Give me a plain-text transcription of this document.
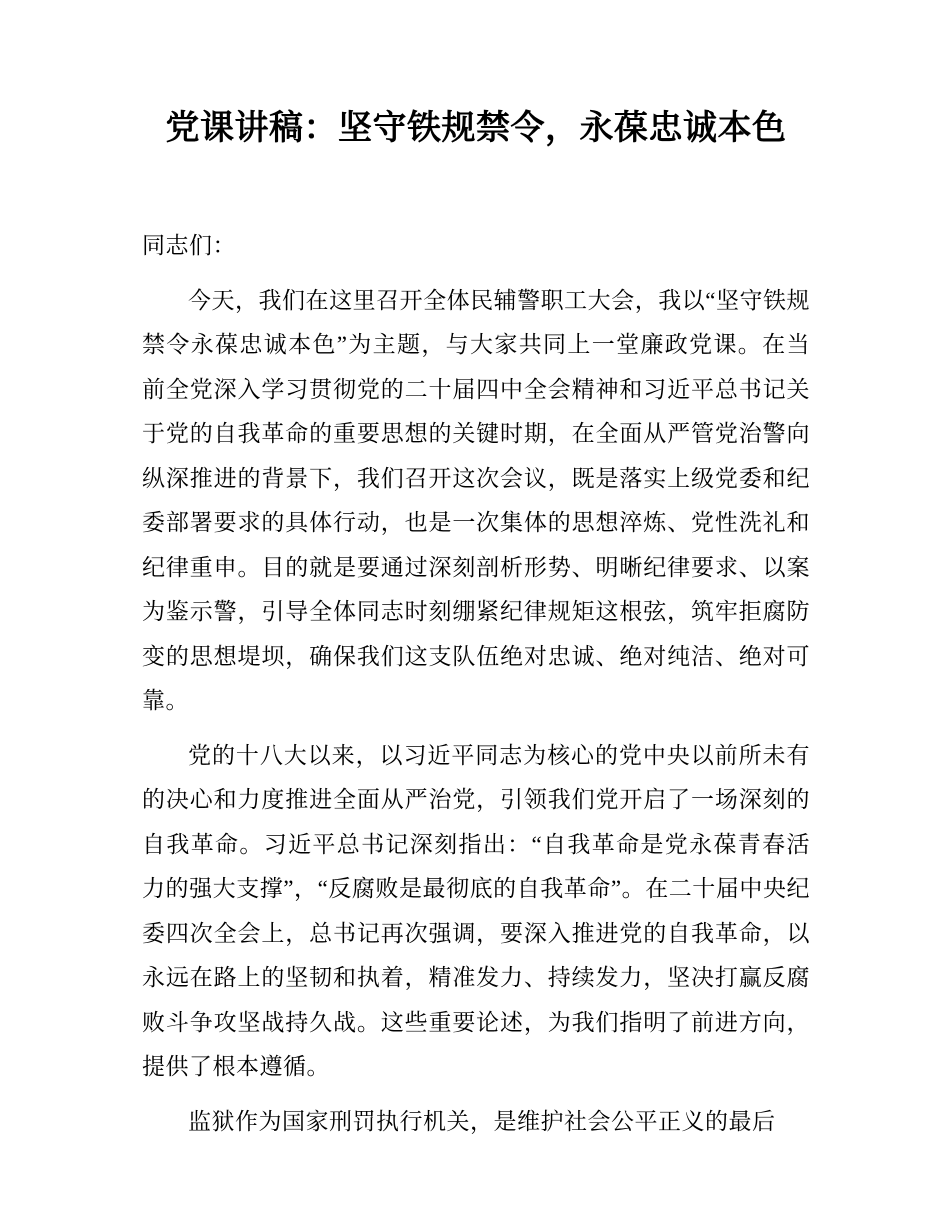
党课讲稿：坚守铁规禁令，永葆忠诚本色

同志们：

今天，我们在这里召开全体民辅警职工大会，我以“坚守铁规禁令永葆忠诚本色”为主题，与大家共同上一堂廉政党课。在当前全党深入学习贯彻党的二十届四中全会精神和习近平总书记关于党的自我革命的重要思想的关键时期，在全面从严管党治警向纵深推进的背景下，我们召开这次会议，既是落实上级党委和纪委部署要求的具体行动，也是一次集体的思想淬炼、党性洗礼和纪律重申。目的就是要通过深刻剖析形势、明晰纪律要求、以案为鉴示警，引导全体同志时刻绷紧纪律规矩这根弦，筑牢拒腐防变的思想堤坝，确保我们这支队伍绝对忠诚、绝对纯洁、绝对可靠。

党的十八大以来，以习近平同志为核心的党中央以前所未有的决心和力度推进全面从严治党，引领我们党开启了一场深刻的自我革命。习近平总书记深刻指出：“自我革命是党永葆青春活力的强大支撑”，“反腐败是最彻底的自我革命”。在二十届中央纪委四次全会上，总书记再次强调，要深入推进党的自我革命，以永远在路上的坚韧和执着，精准发力、持续发力，坚决打赢反腐败斗争攻坚战持久战。这些重要论述，为我们指明了前进方向，提供了根本遵循。

监狱作为国家刑罚执行机关，是维护社会公平正义的最后
